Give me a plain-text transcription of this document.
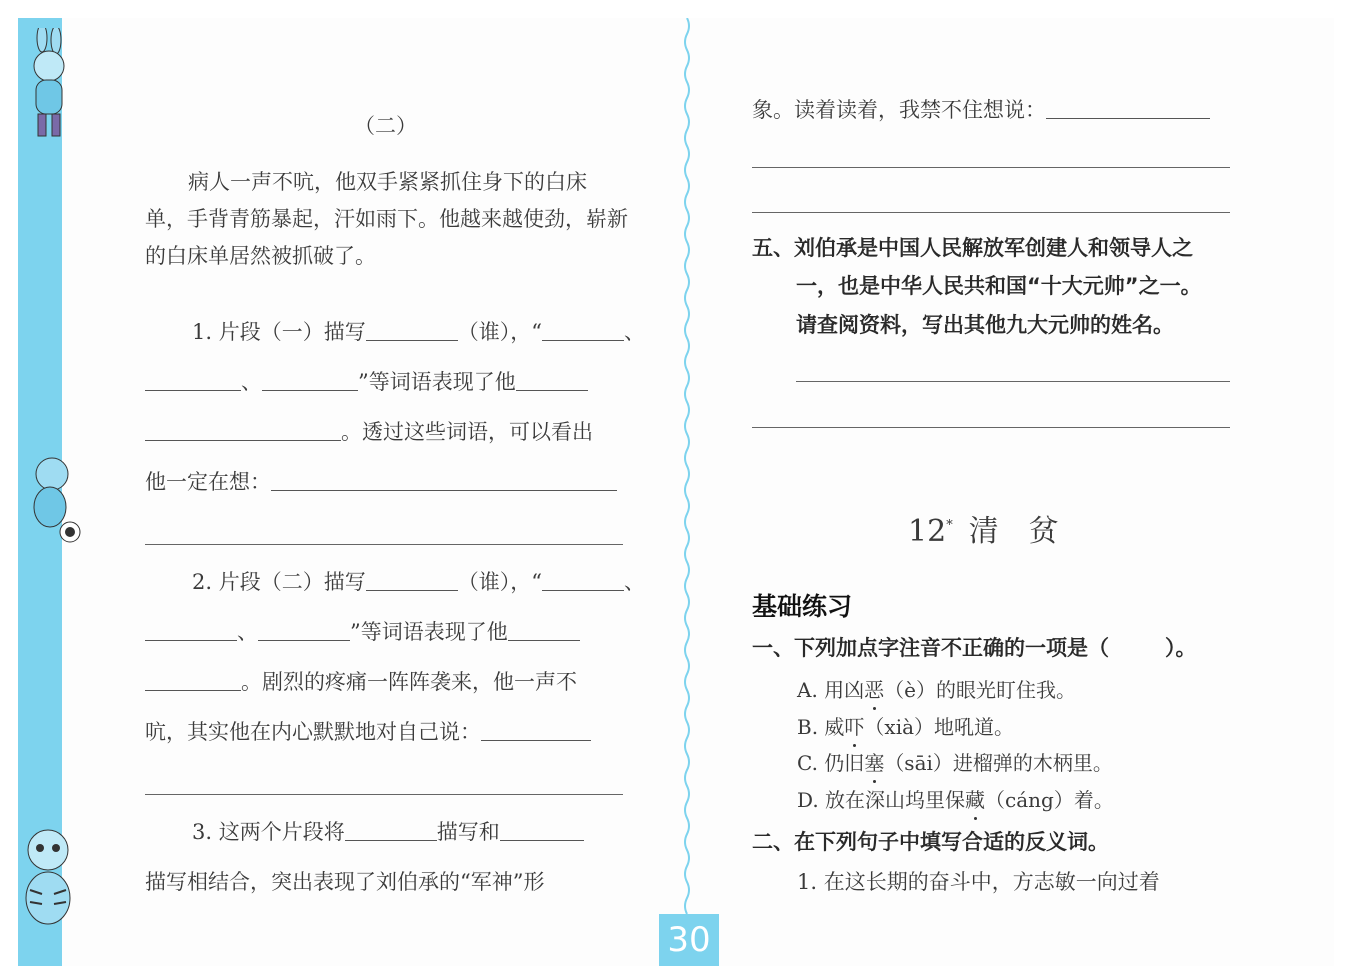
（二）
病人一声不吭，他双手紧紧抓住身下的白床
单，手背青筋暴起，汗如雨下。他越来越使劲，崭新
的白床单居然被抓破了。
1. 片段（一）描写	（谁），“	、
、	”等词语表现了他
。透过这些词语，可以看出
他一定在想：
2. 片段（二）描写	（谁），“	、
、	”等词语表现了他
。剧烈的疼痛一阵阵袭来，他一声不
吭，其实他在内心默默地对自己说：
3. 这两个片段将	描写和
描写相结合，突出表现了刘伯承的“军神”形
象。读着读着，我禁不住想说：
五、刘伯承是中国人民解放军创建人和领导人之
一，也是中华人民共和国“十大元帅”之一。
请查阅资料，写出其他九大元帅的姓名。
12* 清　贫
基础练习
一、下列加点字注音不正确的一项是（	）。
A. 用凶恶（è）的眼光盯住我。
B. 威吓（xià）地吼道。
C. 仍旧塞（sāi）进榴弹的木柄里。
D. 放在深山坞里保藏（cáng）着。
二、在下列句子中填写合适的反义词。
1. 在这长期的奋斗中，方志敏一向过着
30
